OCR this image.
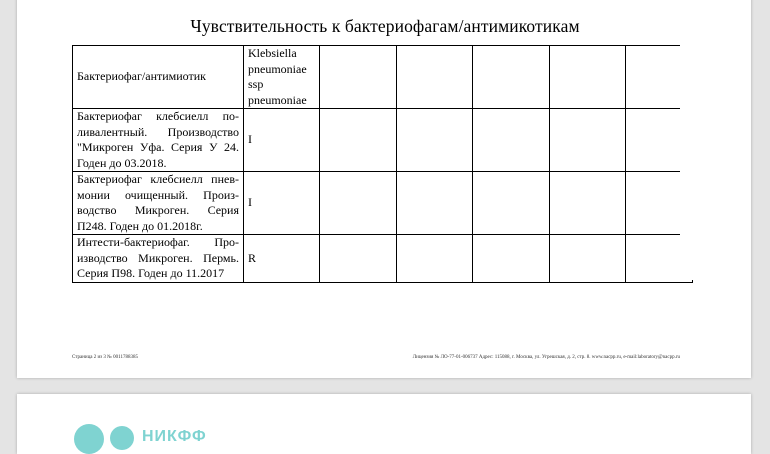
Чувствительность к бактериофагам/антимикотикам
Бактериофаг/антимиотик	Klebsiella
pneumoniae
ssp
pneumoniae					
Бактериофаг клебсиелл по-
ливалентный. Производство
"Микроген Уфа. Серия У 24.

Годен до 03.2018.	I					
Бактериофаг клебсиелл пнев-
монии очищенный. Произ-
водство Микроген. Серия

П248. Годен до 01.2018г.	I					
Интести-бактериофаг. Про-
изводство Микроген. Пермь.

Серия П98. Годен до 11.2017	R					
Страница 2 из 3 № 0011788385	Лицензия № ЛО-77-01-006737 Адрес: 115088, г. Москва, ул. Угрешская, д. 2, стр. 8. www.nacpp.ru, e-mail:laboratory@nacpp.ru
НИКФФ
